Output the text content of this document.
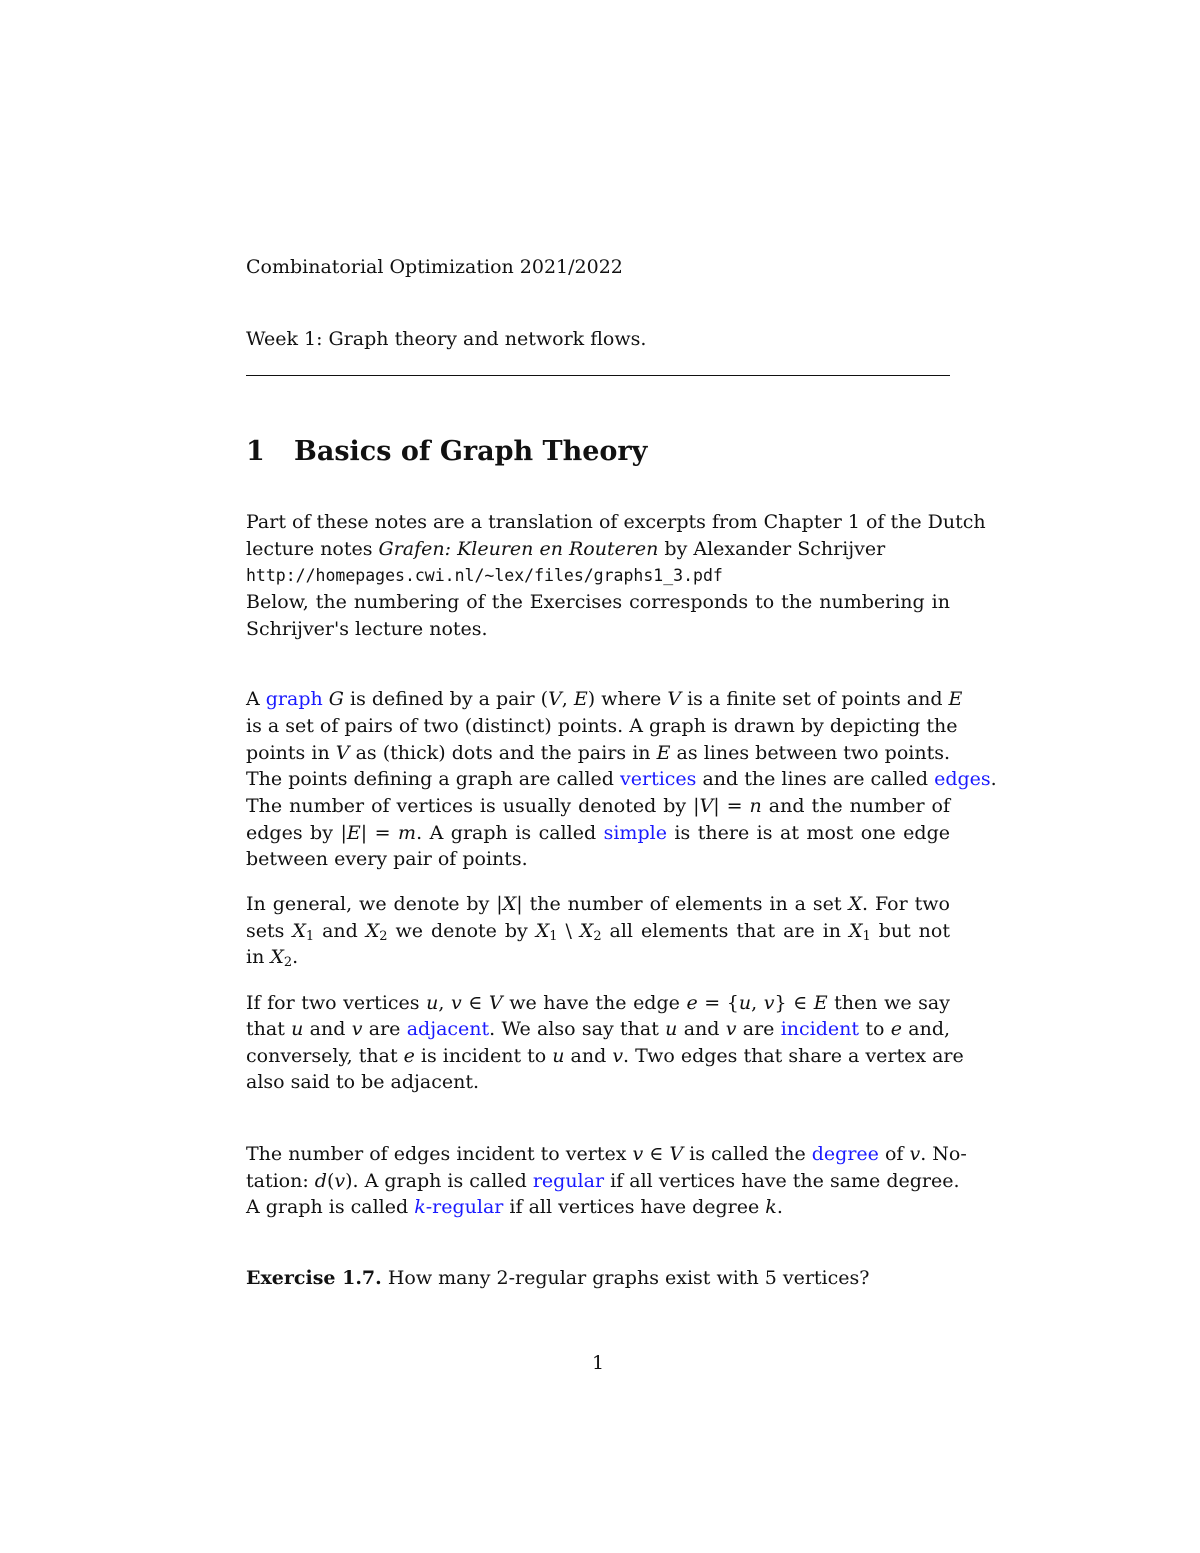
Combinatorial Optimization 2021/2022
Week 1: Graph theory and network flows.
1 Basics of Graph Theory
Part of these notes are a translation of excerpts from Chapter 1 of the Dutch
lecture notes Grafen: Kleuren en Routeren by Alexander Schrijver
http://homepages.cwi.nl/~lex/files/graphs1_3.pdf
Below, the numbering of the Exercises corresponds to the numbering in
Schrijver's lecture notes.
A graph G is defined by a pair (V, E) where V is a finite set of points and E
is a set of pairs of two (distinct) points. A graph is drawn by depicting the
points in V as (thick) dots and the pairs in E as lines between two points.
The points defining a graph are called vertices and the lines are called edges.
The number of vertices is usually denoted by |V| = n and the number of
edges by |E| = m. A graph is called simple is there is at most one edge
between every pair of points.
In general, we denote by |X| the number of elements in a set X. For two
sets $X_1$ and $X_2$ we denote by $X_1$ \ $X_2$ all elements that are in $X_1$ but not
in $X_2$.
If for two vertices u, v ∈ V we have the edge e = {u, v} ∈ E then we say
that u and v are adjacent. We also say that u and v are incident to e and,
conversely, that e is incident to u and v. Two edges that share a vertex are
also said to be adjacent.
The number of edges incident to vertex v ∈ V is called the degree of v. No-
tation: d(v). A graph is called regular if all vertices have the same degree.
A graph is called k-regular if all vertices have degree k.
Exercise 1.7. How many 2-regular graphs exist with 5 vertices?
1
